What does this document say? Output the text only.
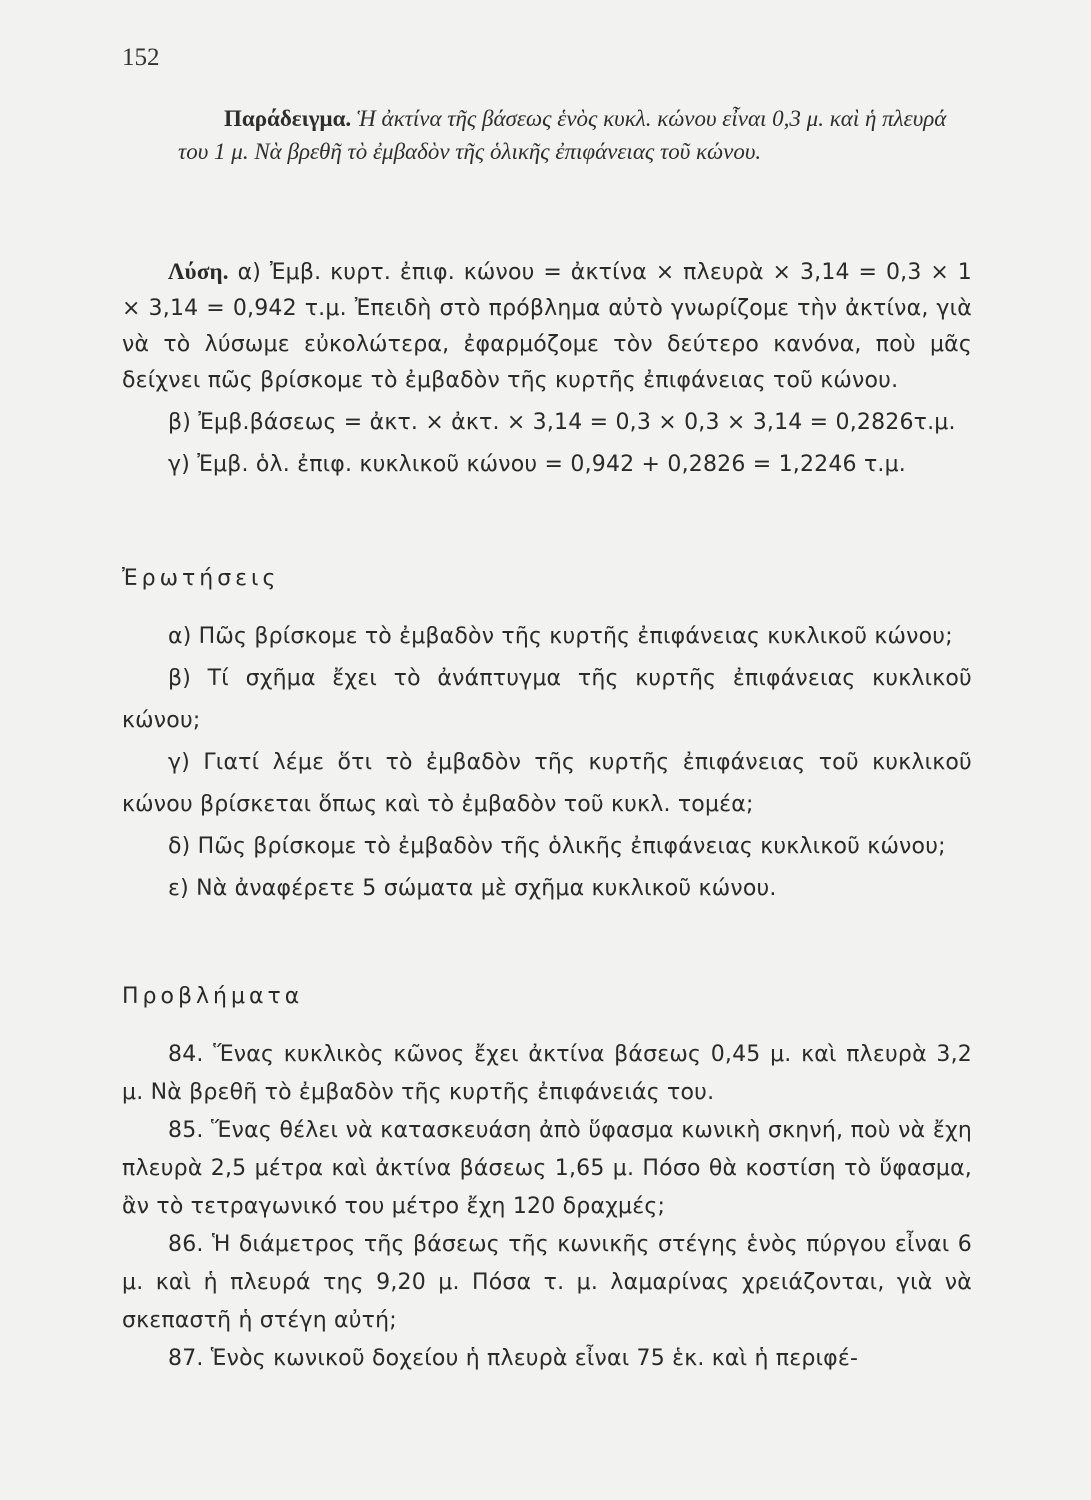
152

Παράδειγμα. Ἡ ἀκτίνα τῆς βάσεως ἑνὸς κυκλ. κώνου εἶναι 0,3 μ. καὶ ἡ πλευρά του 1 μ. Νὰ βρεθῆ τὸ ἐμβαδὸν τῆς ὁλικῆς ἐπιφάνειας τοῦ κώνου.

Λύση. α) Ἐμβ. κυρτ. ἐπιφ. κώνου = ἀκτίνα × πλευρὰ × 3,14 = 0,3 × 1 × 3,14 = 0,942 τ.μ. Ἐπειδὴ στὸ πρόβλημα αὐτὸ γνωρίζομε τὴν ἀκτίνα, γιὰ νὰ τὸ λύσωμε εὐκολώτερα, ἐφαρμόζομε τὸν δεύτερο κανόνα, ποὺ μᾶς δείχνει πῶς βρίσκομε τὸ ἐμβαδὸν τῆς κυρτῆς ἐπιφάνειας τοῦ κώνου.

β) Ἐμβ.βάσεως = ἀκτ. × ἀκτ. × 3,14 = 0,3 × 0,3 × 3,14 = 0,2826τ.μ.

γ) Ἐμβ. ὁλ. ἐπιφ. κυκλικοῦ κώνου = 0,942 + 0,2826 = 1,2246 τ.μ.

Ἐρωτήσεις

α) Πῶς βρίσκομε τὸ ἐμβαδὸν τῆς κυρτῆς ἐπιφάνειας κυκλικοῦ κώνου;

β) Τί σχῆμα ἔχει τὸ ἀνάπτυγμα τῆς κυρτῆς ἐπιφάνειας κυκλικοῦ κώνου;

γ) Γιατί λέμε ὅτι τὸ ἐμβαδὸν τῆς κυρτῆς ἐπιφάνειας τοῦ κυκλικοῦ κώνου βρίσκεται ὅπως καὶ τὸ ἐμβαδὸν τοῦ κυκλ. τομέα;

δ) Πῶς βρίσκομε τὸ ἐμβαδὸν τῆς ὁλικῆς ἐπιφάνειας κυκλικοῦ κώνου;

ε) Νὰ ἀναφέρετε 5 σώματα μὲ σχῆμα κυκλικοῦ κώνου.

Προβλήματα

84. Ἕνας κυκλικὸς κῶνος ἔχει ἀκτίνα βάσεως 0,45 μ. καὶ πλευρὰ 3,2 μ. Νὰ βρεθῆ τὸ ἐμβαδὸν τῆς κυρτῆς ἐπιφάνειάς του.

85. Ἕνας θέλει νὰ κατασκευάση ἀπὸ ὕφασμα κωνικὴ σκηνή, ποὺ νὰ ἔχη πλευρὰ 2,5 μέτρα καὶ ἀκτίνα βάσεως 1,65 μ. Πόσο θὰ κοστίση τὸ ὕφασμα, ἂν τὸ τετραγωνικό του μέτρο ἔχη 120 δραχμές;

86. Ἡ διάμετρος τῆς βάσεως τῆς κωνικῆς στέγης ἑνὸς πύργου εἶναι 6 μ. καὶ ἡ πλευρά της 9,20 μ. Πόσα τ. μ. λαμαρίνας χρειάζονται, γιὰ νὰ σκεπαστῆ ἡ στέγη αὐτή;

87. Ἑνὸς κωνικοῦ δοχείου ἡ πλευρὰ εἶναι 75 ἑκ. καὶ ἡ περιφέ-
